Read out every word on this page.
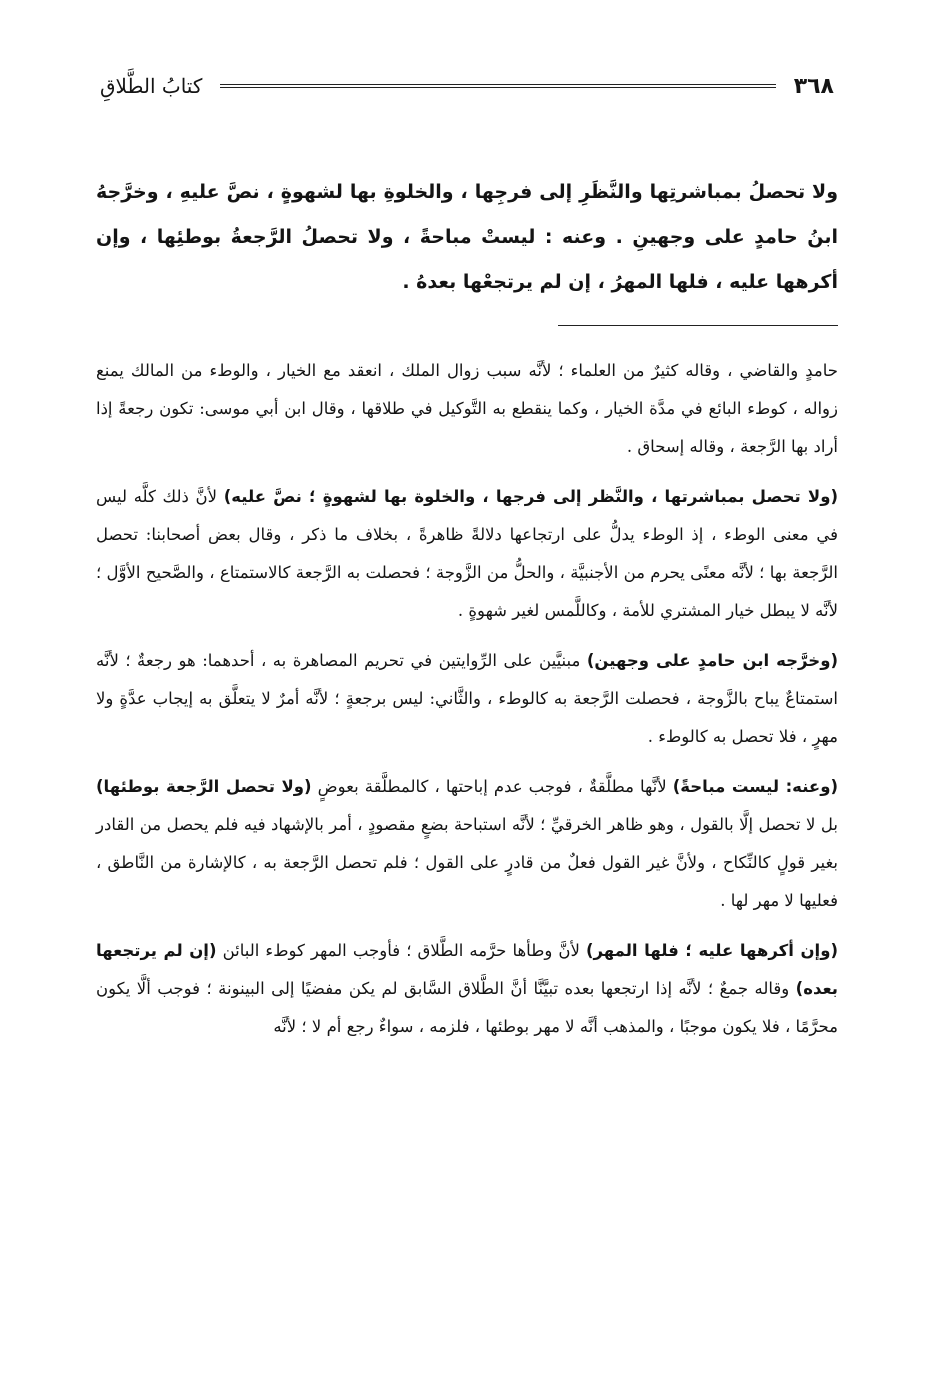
٣٦٨
كتابُ الطَّلاقِ
ولا تحصلُ بمباشرتِها والنَّظَرِ إلى فرجِها ، والخلوةِ بها لشهوةٍ ، نصَّ عليهِ ، وخرَّجهُ ابنُ حامدٍ على وجهينِ . وعنه : ليستْ مباحةً ، ولا تحصلُ الرَّجعةُ بوطئِها ، وإن أكرهها عليه ، فلها المهرُ ، إن لم يرتجعْها بعدهُ .

حامدٍ والقاضي ، وقاله كثيرٌ من العلماء ؛ لأنَّه سبب زوال الملك ، انعقد مع الخيار ، والوطء من المالك يمنع زواله ، كوطء البائع في مدَّة الخيار ، وكما ينقطع به التَّوكيل في طلاقها ، وقال ابن أبي موسى: تكون رجعةً إذا أراد بها الرَّجعة ، وقاله إسحاق .

(ولا تحصل بمباشرتها ، والنَّظر إلى فرجها ، والخلوة بها لشهوةٍ ؛ نصَّ عليه) لأنَّ ذلك كلَّه ليس في معنى الوطء ، إذ الوطء يدلُّ على ارتجاعها دلالةً ظاهرةً ، بخلاف ما ذكر ، وقال بعض أصحابنا: تحصل الرَّجعة بها ؛ لأنَّه معنًى يحرم من الأجنبيَّة ، والحلُّ من الزَّوجة ؛ فحصلت به الرَّجعة كالاستمتاع ، والصَّحيح الأوَّل ؛ لأنَّه لا يبطل خيار المشتري للأمة ، وكاللَّمس لغير شهوةٍ .

(وخرَّجه ابن حامدٍ على وجهين) مبنيَّين على الرِّوايتين في تحريم المصاهرة به ، أحدهما: هو رجعةٌ ؛ لأنَّه استمتاعٌ يباح بالزَّوجة ، فحصلت الرَّجعة به كالوطء ، والثَّاني: ليس برجعةٍ ؛ لأنَّه أمرٌ لا يتعلَّق به إيجاب عدَّةٍ ولا مهرٍ ، فلا تحصل به كالوطء .

(وعنه: ليست مباحةً) لأنَّها مطلَّقةٌ ، فوجب عدم إباحتها ، كالمطلَّقة بعوضٍ (ولا تحصل الرَّجعة بوطئها) بل لا تحصل إلَّا بالقول ، وهو ظاهر الخرقيِّ ؛ لأنَّه استباحة بضعٍ مقصودٍ ، أمر بالإشهاد فيه فلم يحصل من القادر بغير قولٍ كالنِّكاح ، ولأنَّ غير القول فعلٌ من قادرٍ على القول ؛ فلم تحصل الرَّجعة به ، كالإشارة من النَّاطق ، فعليها لا مهر لها .

(وإن أكرهها عليه ؛ فلها المهر) لأنَّ وطأها حرَّمه الطَّلاق ؛ فأوجب المهر كوطء البائن (إن لم يرتجعها بعده) وقاله جمعٌ ؛ لأنَّه إذا ارتجعها بعده تبيَّنَّا أنَّ الطَّلاق السَّابق لم يكن مفضيًا إلى البينونة ؛ فوجب ألَّا يكون محرَّمًا ، فلا يكون موجبًا ، والمذهب أنَّه لا مهر بوطئها ، فلزمه ، سواءٌ رجع أم لا ؛ لأنَّه
